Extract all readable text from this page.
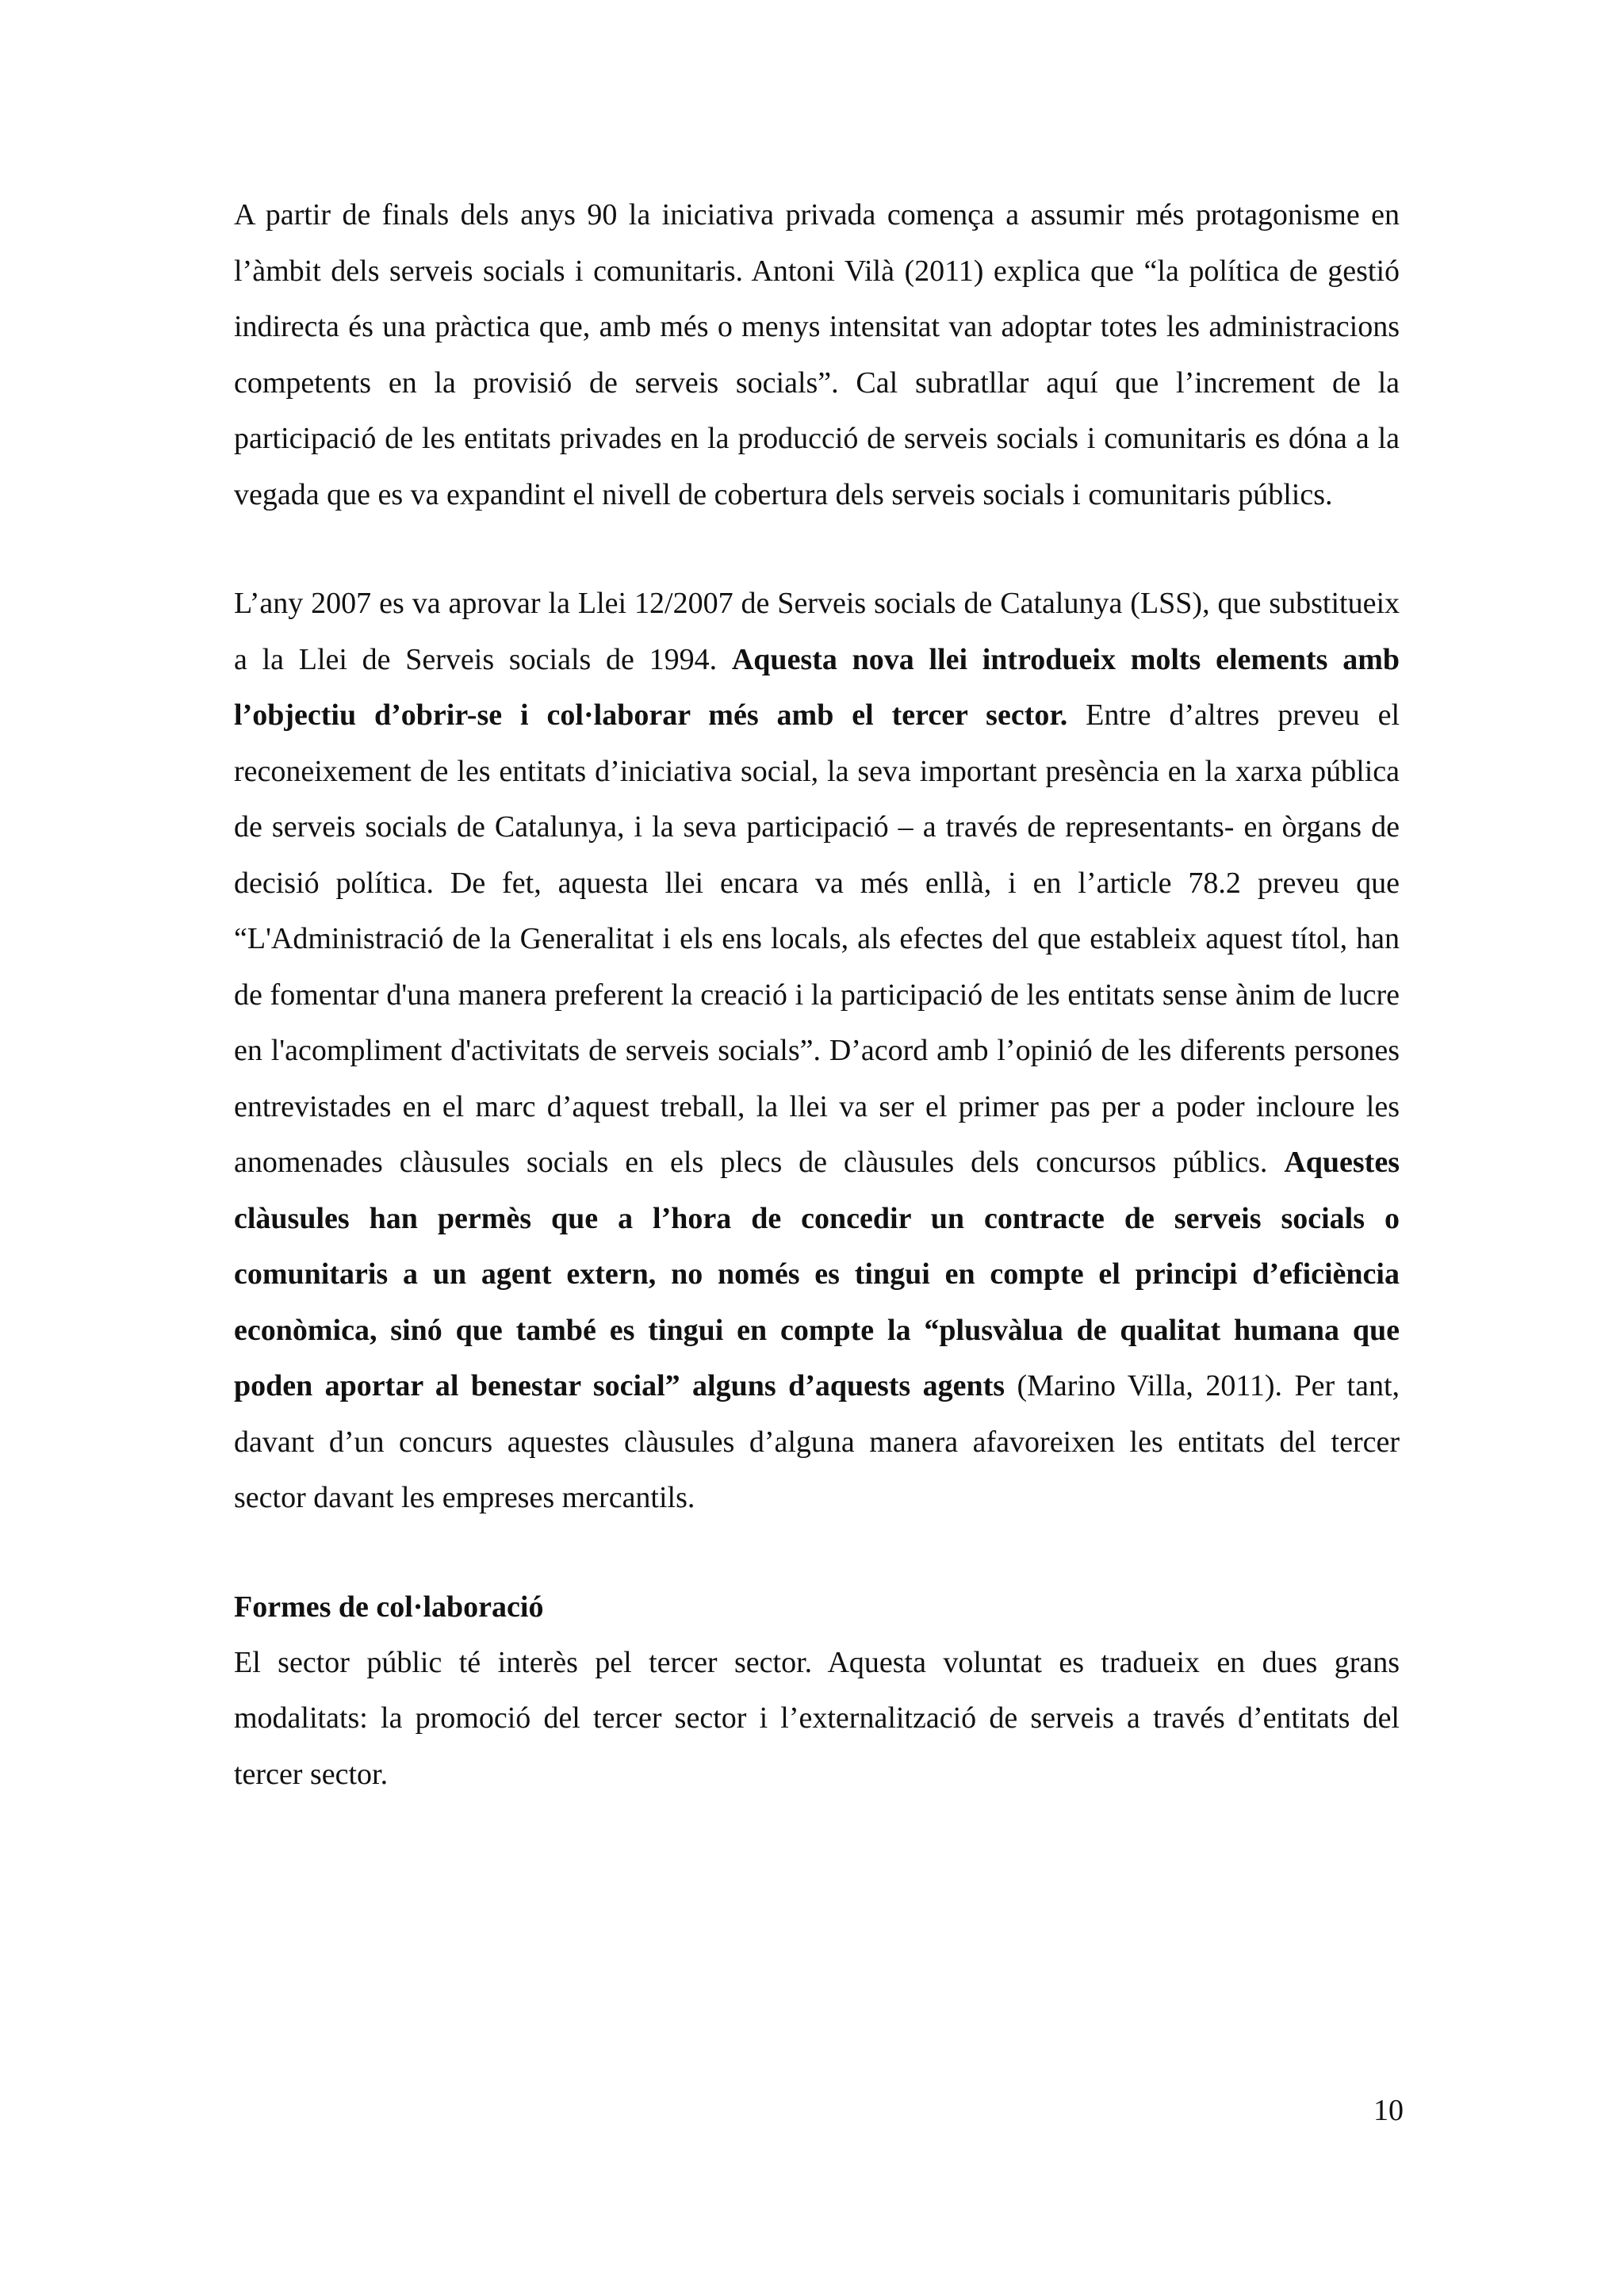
A partir de finals dels anys 90 la iniciativa privada comença a assumir més protagonisme en l’àmbit dels serveis socials i comunitaris. Antoni Vilà (2011) explica que “la política de gestió indirecta és una pràctica que, amb més o menys intensitat van adoptar totes les administracions competents en la provisió de serveis socials”. Cal subratllar aquí que l’increment de la participació de les entitats privades en la producció de serveis socials i comunitaris es dóna a la vegada que es va expandint el nivell de cobertura dels serveis socials i comunitaris públics.

L’any 2007 es va aprovar la Llei 12/2007 de Serveis socials de Catalunya (LSS), que substitueix a la Llei de Serveis socials de 1994. Aquesta nova llei introdueix molts elements amb l’objectiu d’obrir-se i col·laborar més amb el tercer sector. Entre d’altres preveu el reconeixement de les entitats d’iniciativa social, la seva important presència en la xarxa pública de serveis socials de Catalunya, i la seva participació – a través de representants- en òrgans de decisió política. De fet, aquesta llei encara va més enllà, i en l’article 78.2 preveu que “L'Administració de la Generalitat i els ens locals, als efectes del que estableix aquest títol, han de fomentar d'una manera preferent la creació i la participació de les entitats sense ànim de lucre en l'acompliment d'activitats de serveis socials”. D’acord amb l’opinió de les diferents persones entrevistades en el marc d’aquest treball, la llei va ser el primer pas per a poder incloure les anomenades clàusules socials en els plecs de clàusules dels concursos públics. Aquestes clàusules han permès que a l’hora de concedir un contracte de serveis socials o comunitaris a un agent extern, no només es tingui en compte el principi d’eficiència econòmica, sinó que també es tingui en compte la “plusvàlua de qualitat humana que poden aportar al benestar social” alguns d’aquests agents (Marino Villa, 2011). Per tant, davant d’un concurs aquestes clàusules d’alguna manera afavoreixen les entitats del tercer sector davant les empreses mercantils.

Formes de col·laboració

El sector públic té interès pel tercer sector. Aquesta voluntat es tradueix en dues grans modalitats: la promoció del tercer sector i l’externalització de serveis a través d’entitats del tercer sector.

10
